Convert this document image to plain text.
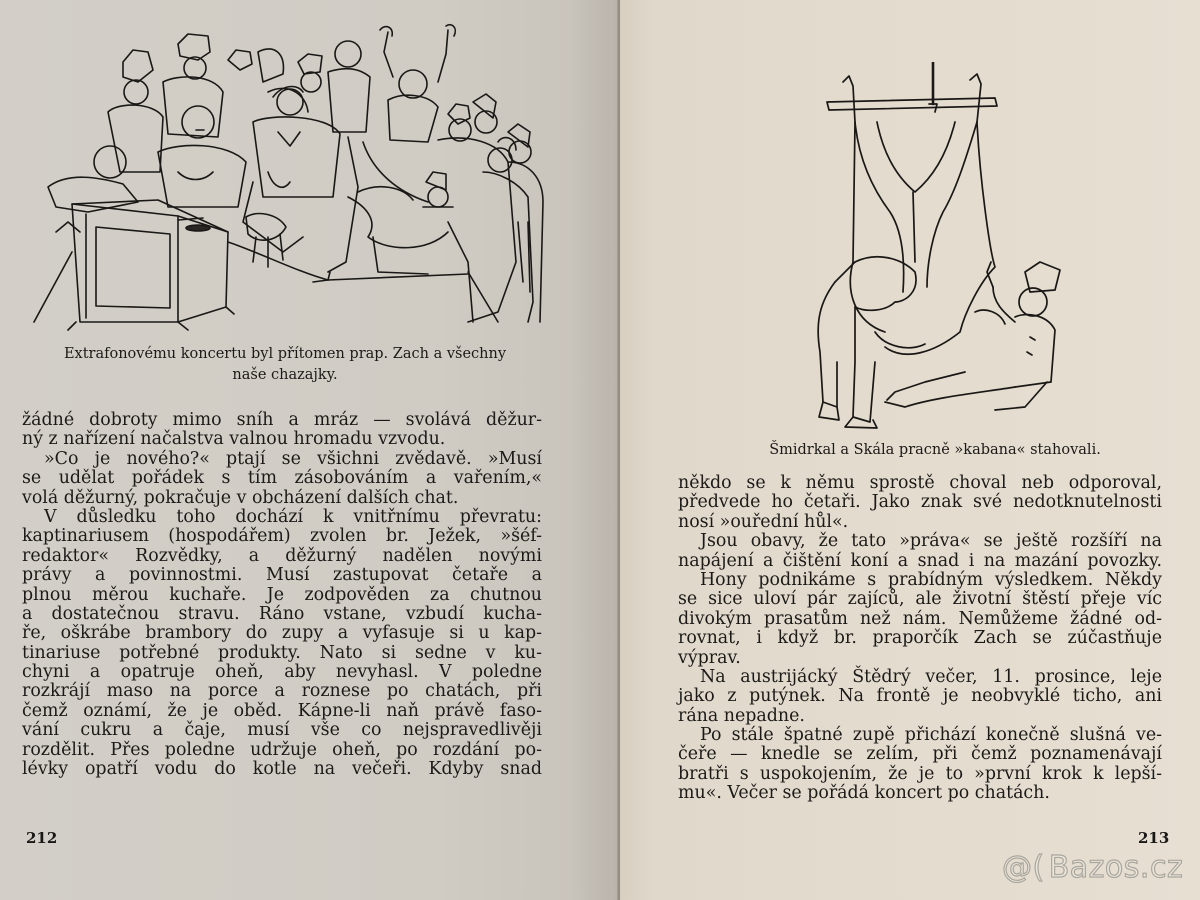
Extrafonovému koncertu byl přítomen prap. Zach a všechny
naše chazajky.
žádné dobroty mimo sníh a mráz — svolává děžur-
ný z nařízení načalstva valnou hromadu vzvodu.
»Co je nového?« ptají se všichni zvědavě. »Musí
se udělat pořádek s tím zásobováním a vařením,«
volá děžurný, pokračuje v obcházení dalších chat.
V důsledku toho dochází k vnitřnímu převratu:
kaptinariusem (hospodářem) zvolen br. Ježek, »šéf-
redaktor« Rozvědky, a děžurný nadělen novými
právy a povinnostmi. Musí zastupovat četaře a
plnou měrou kuchaře. Je zodpověden za chutnou
a dostatečnou stravu. Ráno vstane, vzbudí kucha-
ře, oškrábe brambory do zupy a vyfasuje si u kap-
tinariuse potřebné produkty. Nato si sedne v ku-
chyni a opatruje oheň, aby nevyhasl. V poledne
rozkrájí maso na porce a roznese po chatách, při
čemž oznámí, že je oběd. Kápne-li naň právě faso-
vání cukru a čaje, musí vše co nejspravedlivěji
rozdělit. Přes poledne udržuje oheň, po rozdání po-
lévky opatří vodu do kotle na večeři. Kdyby snad
212
Šmidrkal a Skála pracně »kabana« stahovali.
někdo se k němu sprostě choval neb odporoval,
předvede ho četaři. Jako znak své nedotknutelnosti
nosí »ouřední hůl«.
Jsou obavy, že tato »práva« se ještě rozšíří na
napájení a čištění koní a snad i na mazání povozky.
Hony podnikáme s prabídným výsledkem. Někdy
se sice uloví pár zajíců, ale životní štěstí přeje víc
divokým prasatům než nám. Nemůžeme žádné od-
rovnat, i když br. praporčík Zach se zúčastňuje
výprav.
Na austrijácký Štědrý večer, 11. prosince, leje
jako z putýnek. Na frontě je neobvyklé ticho, ani
rána nepadne.
Po stále špatné zupě přichází konečně slušná ve-
čeře — knedle se zelím, při čemž poznamenávají
bratři s uspokojením, že je to »první krok k lepší-
mu«. Večer se pořádá koncert po chatách.
213
@( Bazos.cz
